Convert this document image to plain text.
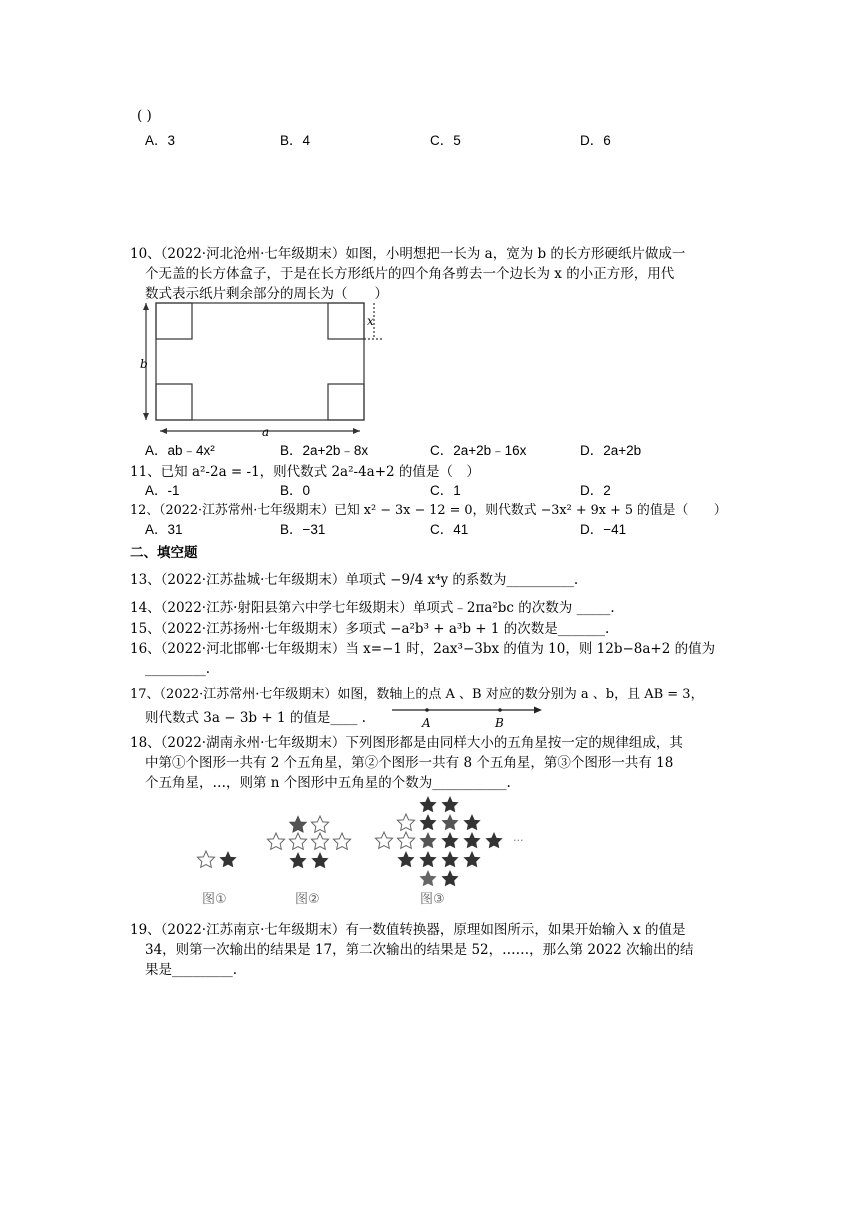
( )
A．3	B．4	C．5	D．6
10、（2022·河北沧州·七年级期末）如图，小明想把一长为 a，宽为 b 的长方形硬纸片做成一
个无盖的长方体盒子，于是在长方形纸片的四个角各剪去一个边长为 x 的小正方形，用代
数式表示纸片剩余部分的周长为（　　）
b
a
x
A．ab﹣4x²	B．2a+2b﹣8x	C．2a+2b﹣16x	D．2a+2b
11、已知 a²-2a = -1，则代数式 2a²-4a+2 的值是（　）
A．-1	B．0	C．1	D．2
12、（2022·江苏常州·七年级期末）已知 x² − 3x − 12 = 0，则代数式 −3x² + 9x + 5 的值是（　　）
A．31	B．−31	C．41	D．−41
二、填空题
13、（2022·江苏盐城·七年级期末）单项式 −9/4 x⁴y 的系数为__________.
14、（2022·江苏·射阳县第六中学七年级期末）单项式﹣2πa²bc 的次数为 _____.
15、（2022·江苏扬州·七年级期末）多项式 −a²b³ + a³b + 1 的次数是_______.
16、（2022·河北邯郸·七年级期末）当 x=−1 时，2ax³−3bx 的值为 10，则 12b−8a+2 的值为
_________.
17、（2022·江苏常州·七年级期末）如图，数轴上的点 A 、B 对应的数分别为 a 、b，且 AB = 3，
则代数式 3a − 3b + 1 的值是____ .	A	B
18、（2022·湖南永州·七年级期末）下列图形都是由同样大小的五角星按一定的规律组成，其
中第①个图形一共有 2 个五角星，第②个图形一共有 8 个五角星，第③个图形一共有 18
个五角星，…，则第 n 个图形中五角星的个数为___________.
···
图①	图②	图③
19、（2022·江苏南京·七年级期末）有一数值转换器，原理如图所示，如果开始输入 x 的值是
34，则第一次输出的结果是 17，第二次输出的结果是 52，……，那么第 2022 次输出的结
果是_________.
